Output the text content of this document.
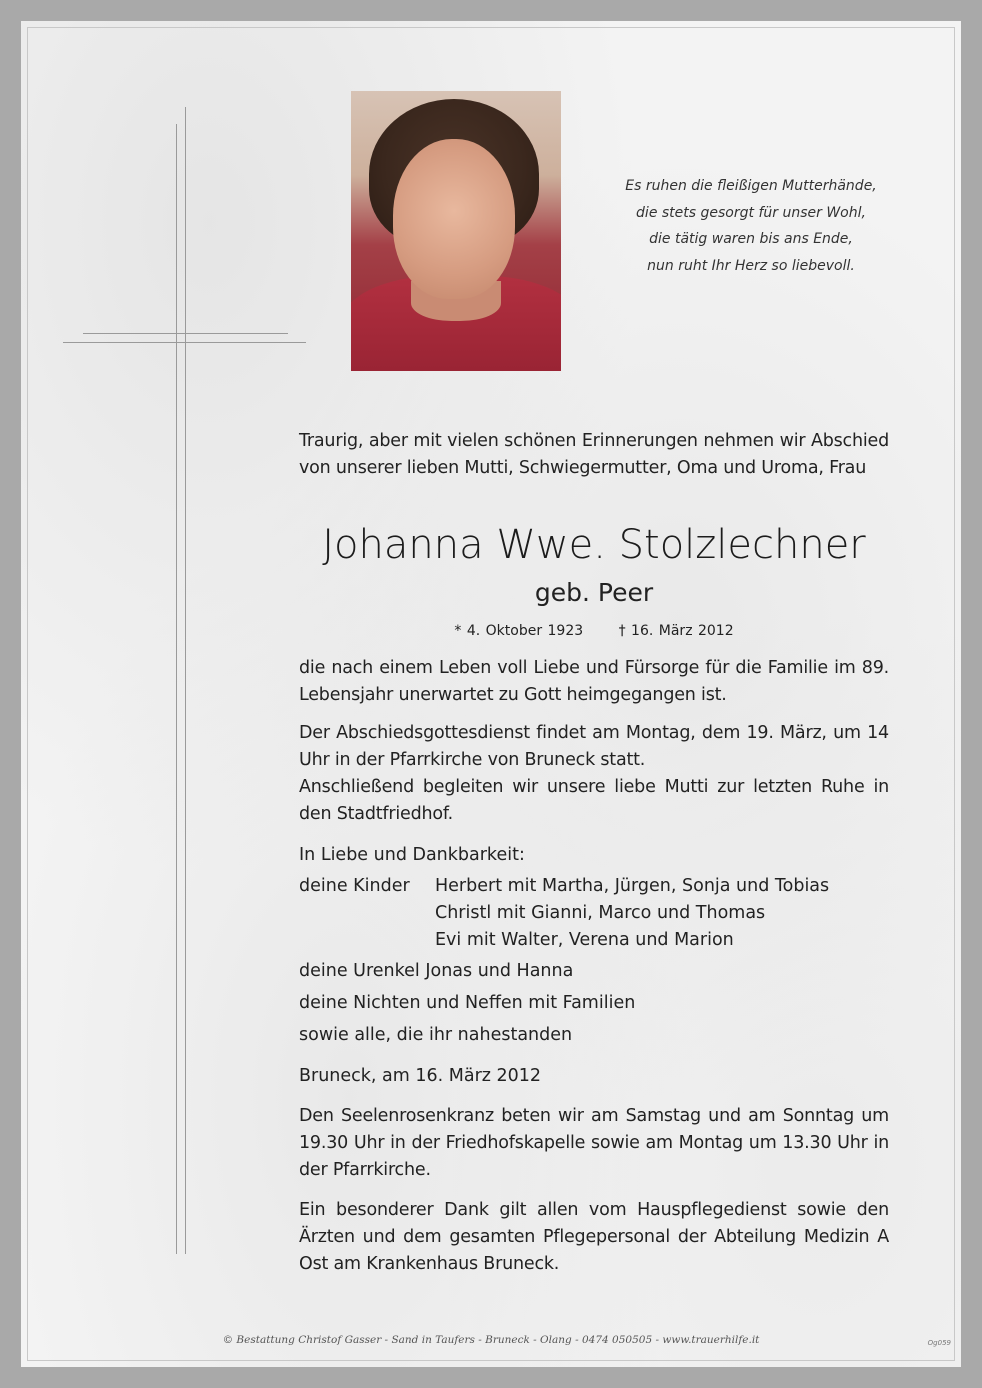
Es ruhen die fleißigen Mutterhände,
die stets gesorgt für unser Wohl,
die tätig waren bis ans Ende,
nun ruht Ihr Herz so liebevoll.
Traurig, aber mit vielen schönen Erinnerungen nehmen wir Abschied von unserer lieben Mutti, Schwiegermutter, Oma und Uroma, Frau
Johanna Wwe. Stolzlechner
geb. Peer
* 4. Oktober 1923	† 16. März 2012
die nach einem Leben voll Liebe und Fürsorge für die Familie im 89. Lebensjahr unerwartet zu Gott heimgegangen ist.
Der Abschiedsgottesdienst findet am Montag, dem 19. März, um 14 Uhr in der Pfarrkirche von Bruneck statt.
Anschließend begleiten wir unsere liebe Mutti zur letzten Ruhe in den Stadtfriedhof.
In Liebe und Dankbarkeit:
deine Kinder Herbert mit Martha, Jürgen, Sonja und Tobias
Christl mit Gianni, Marco und Thomas
Evi mit Walter, Verena und Marion
deine Urenkel Jonas und Hanna
deine Nichten und Neffen mit Familien
sowie alle, die ihr nahestanden
Bruneck, am 16. März 2012
Den Seelenrosenkranz beten wir am Samstag und am Sonntag um 19.30 Uhr in der Friedhofskapelle sowie am Montag um 13.30 Uhr in der Pfarrkirche.
Ein besonderer Dank gilt allen vom Hauspflegedienst sowie den Ärzten und dem gesamten Pflegepersonal der Abteilung Medizin A Ost am Krankenhaus Bruneck.
© Bestattung Christof Gasser - Sand in Taufers - Bruneck - Olang - 0474 050505 - www.trauerhilfe.it	Og059
